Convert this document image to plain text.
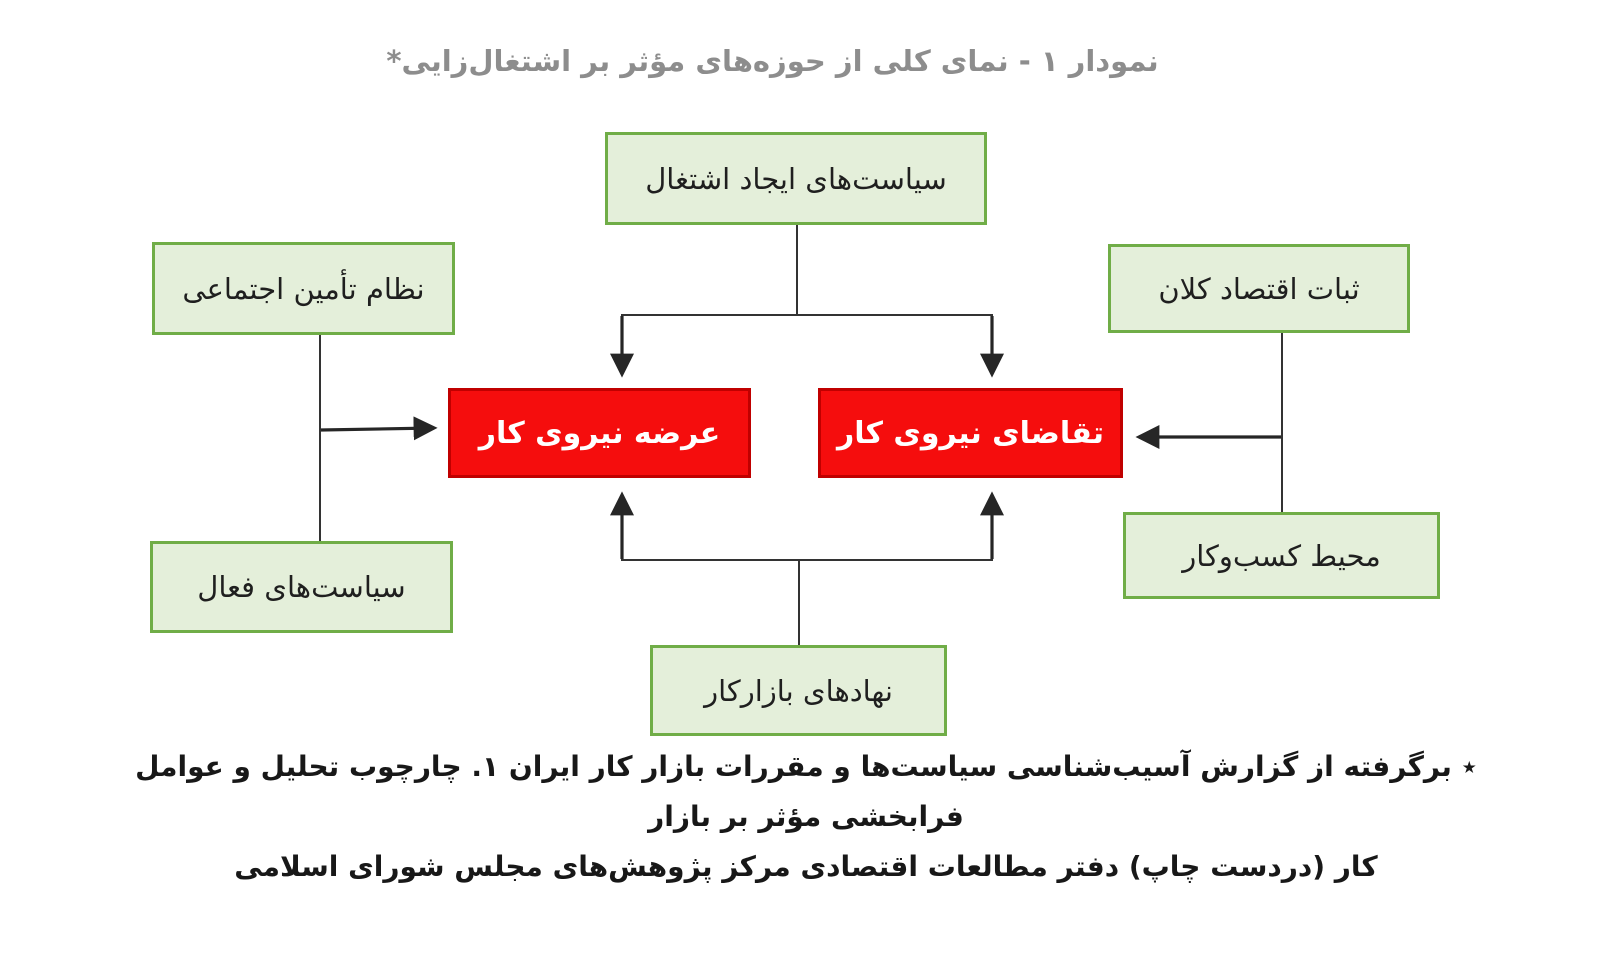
نمودار ۱ - نمای کلی از حوزه‌های مؤثر بر اشتغال‌زایی*
سیاست‌های ایجاد اشتغال
نظام تأمین اجتماعی	ثبات اقتصاد کلان
عرضه نیروی کار	تقاضای نیروی کار
سیاست‌های فعال
محیط کسب‌وکار
نهادهای بازارکار
٭ برگرفته از گزارش آسیب‌شناسی سیاست‌ها و مقررات بازار کار ایران ۱. چارچوب تحلیل و عوامل فرابخشی مؤثر بر بازار
کار (دردست چاپ) دفتر مطالعات اقتصادی مرکز پژوهش‌های مجلس شورای اسلامی
